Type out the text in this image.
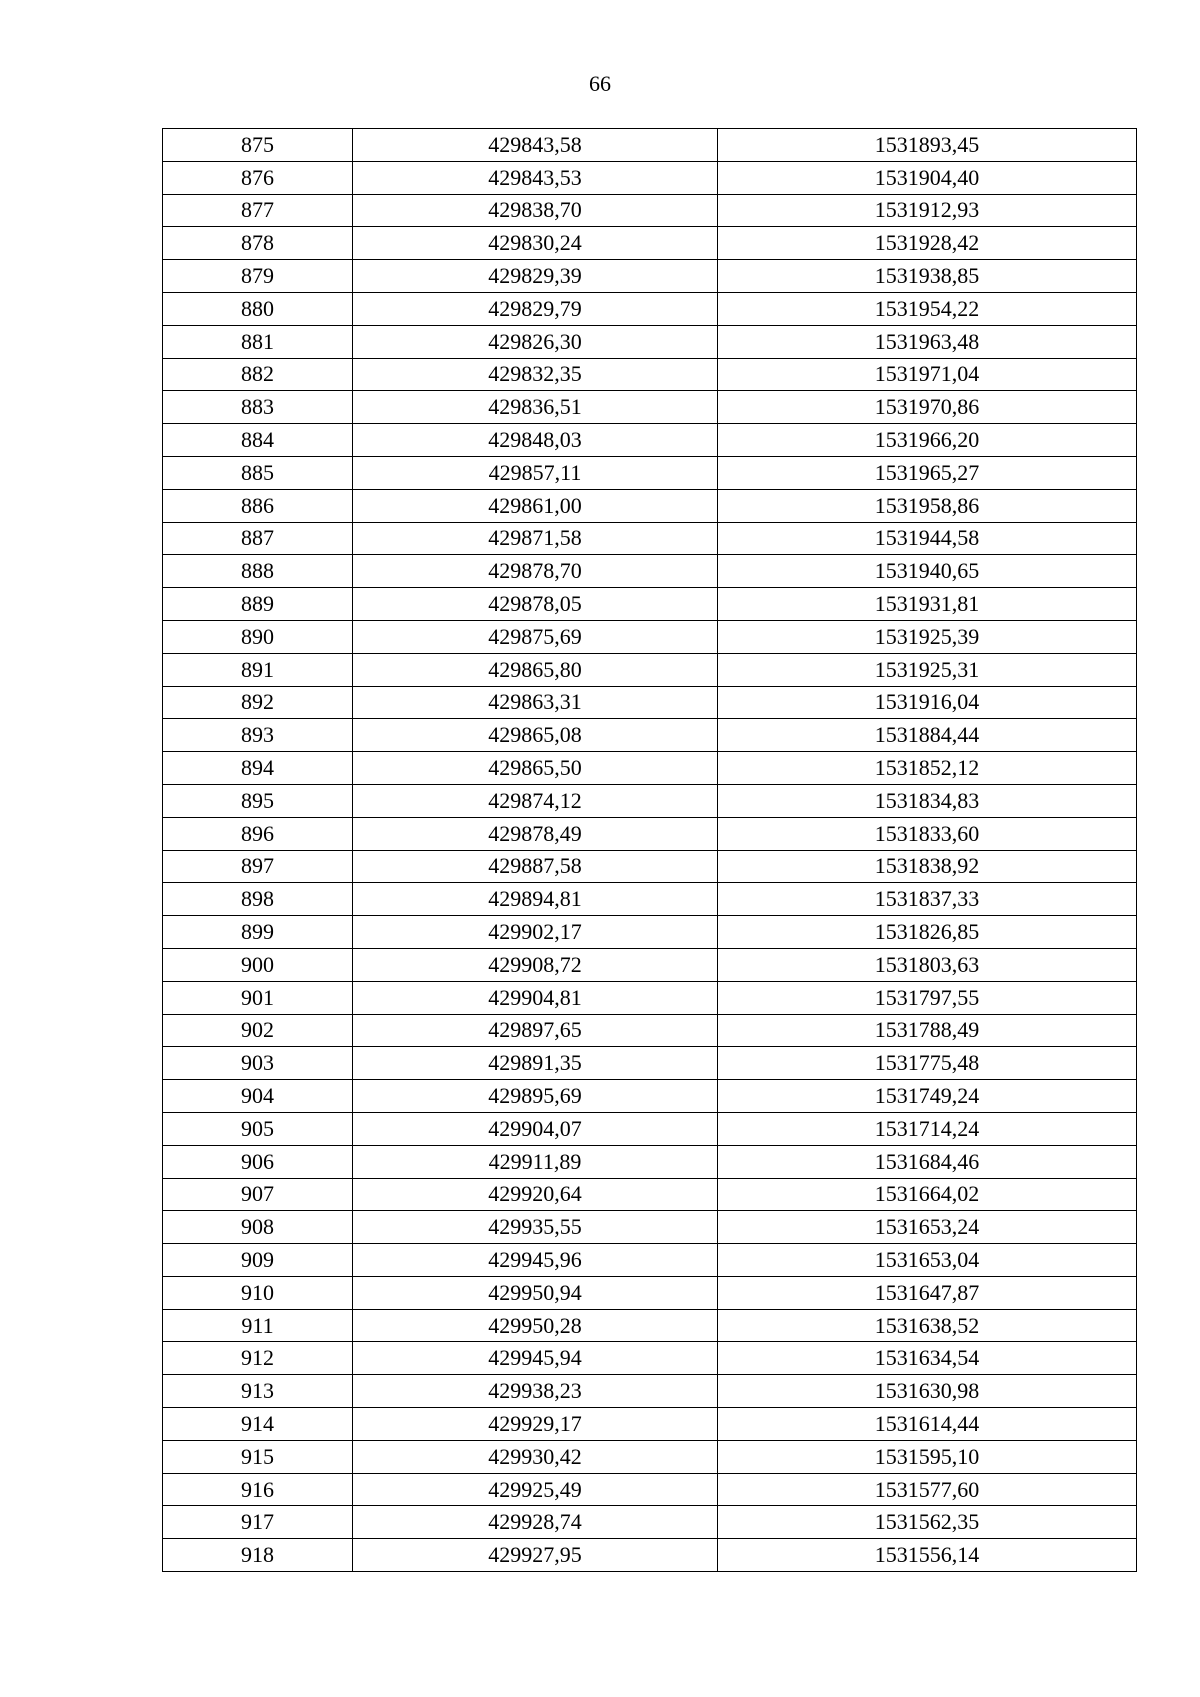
66
875	429843,58	1531893,45
876	429843,53	1531904,40
877	429838,70	1531912,93
878	429830,24	1531928,42
879	429829,39	1531938,85
880	429829,79	1531954,22
881	429826,30	1531963,48
882	429832,35	1531971,04
883	429836,51	1531970,86
884	429848,03	1531966,20
885	429857,11	1531965,27
886	429861,00	1531958,86
887	429871,58	1531944,58
888	429878,70	1531940,65
889	429878,05	1531931,81
890	429875,69	1531925,39
891	429865,80	1531925,31
892	429863,31	1531916,04
893	429865,08	1531884,44
894	429865,50	1531852,12
895	429874,12	1531834,83
896	429878,49	1531833,60
897	429887,58	1531838,92
898	429894,81	1531837,33
899	429902,17	1531826,85
900	429908,72	1531803,63
901	429904,81	1531797,55
902	429897,65	1531788,49
903	429891,35	1531775,48
904	429895,69	1531749,24
905	429904,07	1531714,24
906	429911,89	1531684,46
907	429920,64	1531664,02
908	429935,55	1531653,24
909	429945,96	1531653,04
910	429950,94	1531647,87
911	429950,28	1531638,52
912	429945,94	1531634,54
913	429938,23	1531630,98
914	429929,17	1531614,44
915	429930,42	1531595,10
916	429925,49	1531577,60
917	429928,74	1531562,35
918	429927,95	1531556,14
